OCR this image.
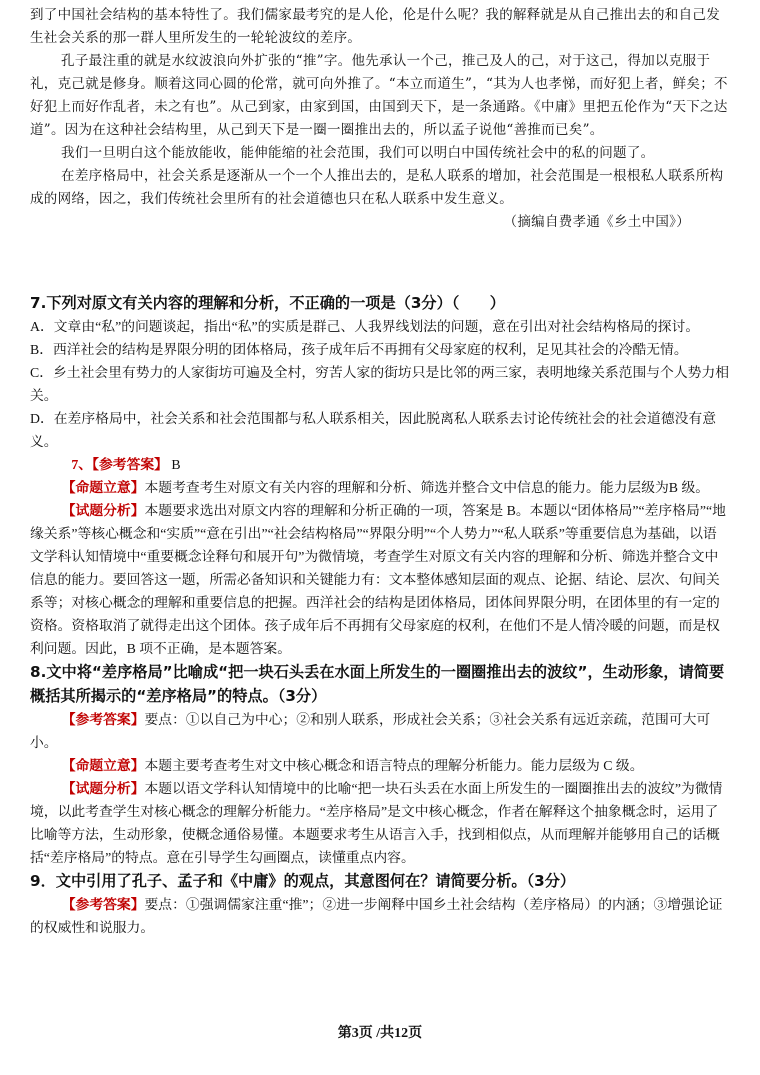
到了中国社会结构的基本特性了。我们儒家最考究的是人伦，伦是什么呢？我的解释就是从自己推出去的和自己发生社会关系的那一群人里所发生的一轮轮波纹的差序。

孔子最注重的就是水纹波浪向外扩张的“推”字。他先承认一个己，推己及人的己，对于这己，得加以克服于礼，克己就是修身。顺着这同心圆的伦常，就可向外推了。“本立而道生”，“其为人也孝悌，而好犯上者，鲜矣；不好犯上而好作乱者，未之有也”。从己到家，由家到国，由国到天下，是一条通路。《中庸》里把五伦作为“天下之达道”。因为在这种社会结构里，从己到天下是一圈一圈推出去的，所以孟子说他“善推而已矣”。

我们一旦明白这个能放能收，能伸能缩的社会范围，我们可以明白中国传统社会中的私的问题了。

在差序格局中，社会关系是逐渐从一个一个人推出去的，是私人联系的增加，社会范围是一根根私人联系所构成的网络，因之，我们传统社会里所有的社会道德也只在私人联系中发生意义。

（摘编自费孝通《乡土中国》）

7.下列对原文有关内容的理解和分析，不正确的一项是（3分）（　　）

A．文章由“私”的问题谈起，指出“私”的实质是群己、人我界线划法的问题，意在引出对社会结构格局的探讨。

B．西洋社会的结构是界限分明的团体格局，孩子成年后不再拥有父母家庭的权利，足见其社会的冷酷无情。

C．乡土社会里有势力的人家街坊可遍及全村，穷苦人家的街坊只是比邻的两三家，表明地缘关系范围与个人势力相关。

D．在差序格局中，社会关系和社会范围都与私人联系相关，因此脱离私人联系去讨论传统社会的社会道德没有意义。

7、【参考答案】 B

【命题立意】本题考查考生对原文有关内容的理解和分析、筛选并整合文中信息的能力。能力层级为B 级。

【试题分析】本题要求选出对原文内容的理解和分析正确的一项，答案是 B。本题以“团体格局”“差序格局”“地缘关系”等核心概念和“实质”“意在引出”“社会结构格局”“界限分明”“个人势力”“私人联系”等重要信息为基础，以语文学科认知情境中“重要概念诠释句和展开句”为微情境，考查学生对原文有关内容的理解和分析、筛选并整合文中信息的能力。要回答这一题，所需必备知识和关键能力有：文本整体感知层面的观点、论据、结论、层次、句间关系等；对核心概念的理解和重要信息的把握。西洋社会的结构是团体格局，团体间界限分明，在团体里的有一定的资格。资格取消了就得走出这个团体。孩子成年后不再拥有父母家庭的权利，在他们不是人情冷暖的问题，而是权利问题。因此，B 项不正确，是本题答案。

8.文中将“差序格局”比喻成“把一块石头丢在水面上所发生的一圈圈推出去的波纹”，生动形象，请简要概括其所揭示的“差序格局”的特点。（3分）

【参考答案】要点：①以自己为中心；②和别人联系，形成社会关系；③社会关系有远近亲疏，范围可大可小。

【命题立意】本题主要考查考生对文中核心概念和语言特点的理解分析能力。能力层级为 C 级。

【试题分析】本题以语文学科认知情境中的比喻“把一块石头丢在水面上所发生的一圈圈推出去的波纹”为微情境，以此考查学生对核心概念的理解分析能力。“差序格局”是文中核心概念，作者在解释这个抽象概念时，运用了比喻等方法，生动形象，使概念通俗易懂。本题要求考生从语言入手，找到相似点，从而理解并能够用自己的话概括“差序格局”的特点。意在引导学生勾画圈点，读懂重点内容。

9．文中引用了孔子、孟子和《中庸》的观点，其意图何在？请简要分析。（3分）

【参考答案】要点：①强调儒家注重“推”；②进一步阐释中国乡土社会结构（差序格局）的内涵；③增强论证的权威性和说服力。

第3页 /共12页
